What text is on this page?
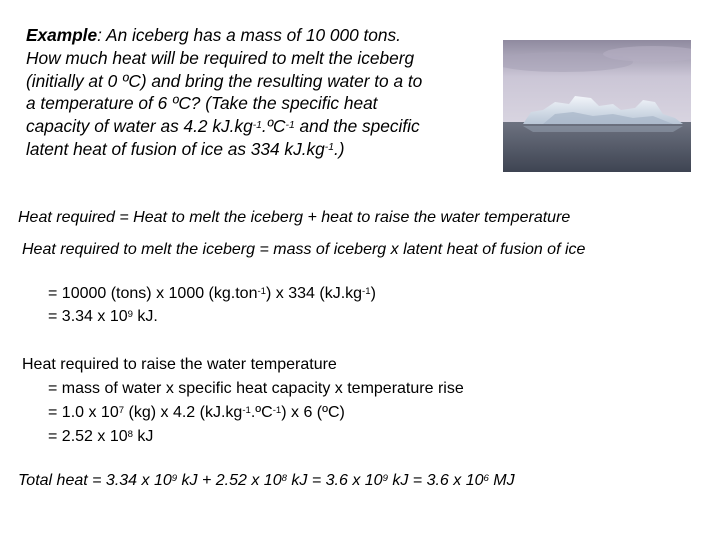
Example: An iceberg has a mass of 10 000 tons.
How much heat will be required to melt the iceberg
(initially at 0 ºC) and bring the resulting water to a to
a temperature of 6 ºC? (Take the specific heat
capacity of water as 4.2 $kJ.kg^{-1}.ºC^{-1}$ and the specific
latent heat of fusion of ice as 334 $kJ.kg^{-1}$.)
Heat required = Heat to melt the iceberg + heat to raise the water temperature
Heat required to melt the iceberg = mass of iceberg x latent heat of fusion of ice
= 10000 (tons) x 1000 (kg.ton$^{-1}$) x 334 $(kJ.kg^{-1})$
= 3.34 x $10^9$ kJ.
Heat required to raise the water temperature
= mass of water x specific heat capacity x temperature rise
= 1.0 x $10^7$ (kg) x 4.2 $(kJ.kg^{-1}.ºC^{-1})$ x 6 (ºC)
= 2.52 x $10^8$ kJ
Total heat = 3.34 x $10^9$ kJ + 2.52 x $10^8$ kJ = 3.6 x $10^9$ kJ = 3.6 x $10^6$ MJ
